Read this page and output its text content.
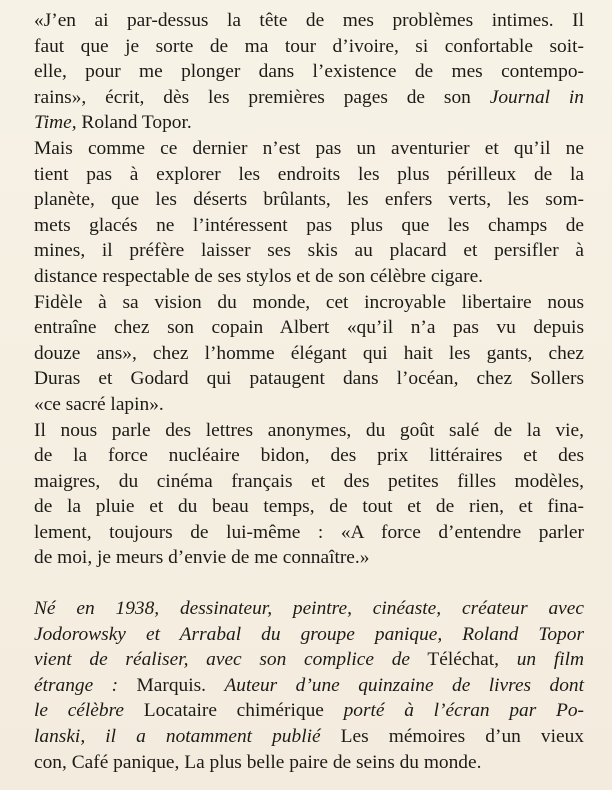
«J’en ai par-dessus la tête de mes problèmes intimes. Il
faut que je sorte de ma tour d’ivoire, si confortable soit-
elle, pour me plonger dans l’existence de mes contempo-
rains», écrit, dès les premières pages de son Journal in
Time, Roland Topor.

Mais comme ce dernier n’est pas un aventurier et qu’il ne
tient pas à explorer les endroits les plus périlleux de la
planète, que les déserts brûlants, les enfers verts, les som-
mets glacés ne l’intéressent pas plus que les champs de
mines, il préfère laisser ses skis au placard et persifler à
distance respectable de ses stylos et de son célèbre cigare.

Fidèle à sa vision du monde, cet incroyable libertaire nous
entraîne chez son copain Albert «qu’il n’a pas vu depuis
douze ans», chez l’homme élégant qui hait les gants, chez
Duras et Godard qui pataugent dans l’océan, chez Sollers
«ce sacré lapin».

Il nous parle des lettres anonymes, du goût salé de la vie,
de la force nucléaire bidon, des prix littéraires et des
maigres, du cinéma français et des petites filles modèles,
de la pluie et du beau temps, de tout et de rien, et fina-
lement, toujours de lui-même : «A force d’entendre parler
de moi, je meurs d’envie de me connaître.»

Né en 1938, dessinateur, peintre, cinéaste, créateur avec
Jodorowsky et Arrabal du groupe panique, Roland Topor
vient de réaliser, avec son complice de Téléchat, un film
étrange : Marquis. Auteur d’une quinzaine de livres dont
le célèbre Locataire chimérique porté à l’écran par Po-
lanski, il a notamment publié Les mémoires d’un vieux
con, Café panique, La plus belle paire de seins du monde.
